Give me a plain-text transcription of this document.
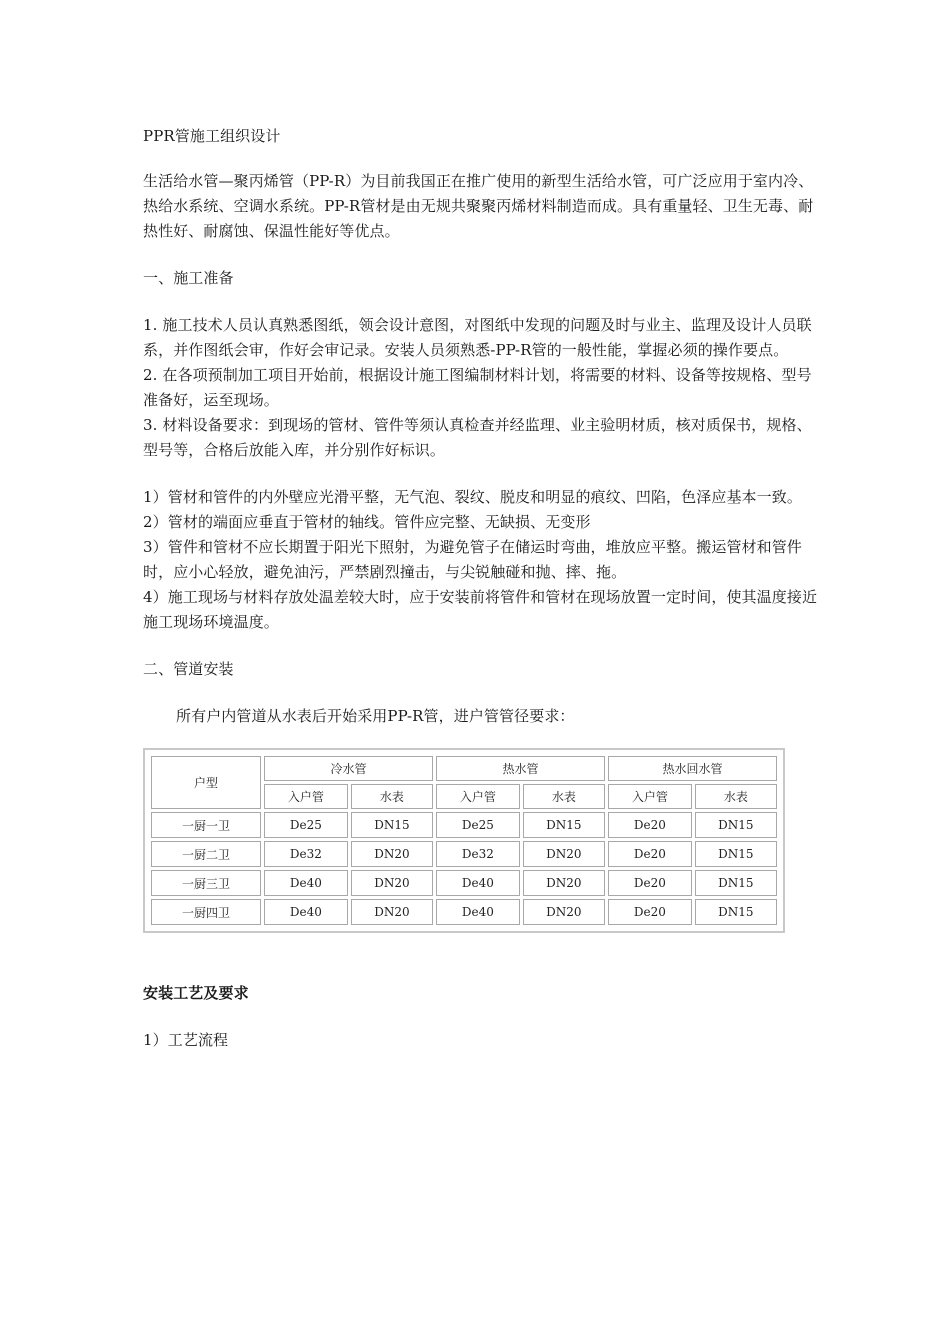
PPR管施工组织设计

生活给水管—聚丙烯管（PP-R）为目前我国正在推广使用的新型生活给水管，可广泛应用于室内冷、热给水系统、空调水系统。PP-R管材是由无规共聚聚丙烯材料制造而成。具有重量轻、卫生无毒、耐热性好、耐腐蚀、保温性能好等优点。

一、施工准备

1. 施工技术人员认真熟悉图纸，领会设计意图，对图纸中发现的问题及时与业主、监理及设计人员联系，并作图纸会审，作好会审记录。安装人员须熟悉-PP-R管的一般性能，掌握必须的操作要点。

2. 在各项预制加工项目开始前，根据设计施工图编制材料计划，将需要的材料、设备等按规格、型号准备好，运至现场。

3. 材料设备要求：到现场的管材、管件等须认真检查并经监理、业主验明材质，核对质保书，规格、型号等，合格后放能入库，并分别作好标识。

1）管材和管件的内外壁应光滑平整，无气泡、裂纹、脱皮和明显的痕纹、凹陷，色泽应基本一致。

2）管材的端面应垂直于管材的轴线。管件应完整、无缺损、无变形

3）管件和管材不应长期置于阳光下照射，为避免管子在储运时弯曲，堆放应平整。搬运管材和管件时，应小心轻放，避免油污，严禁剧烈撞击，与尖锐触碰和抛、摔、拖。

4）施工现场与材料存放处温差较大时，应于安装前将管件和管材在现场放置一定时间，使其温度接近施工现场环境温度。

二、管道安装

所有户内管道从水表后开始采用PP-R管，进户管管径要求：

户型	冷水管		热水管		热水回水管	
	入户管	水表	入户管	水表	入户管	水表
一厨一卫	De25	DN15	De25	DN15	De20	DN15
一厨二卫	De32	DN20	De32	DN20	De20	DN15
一厨三卫	De40	DN20	De40	DN20	De20	DN15
一厨四卫	De40	DN20	De40	DN20	De20	DN15

安装工艺及要求

1）工艺流程
